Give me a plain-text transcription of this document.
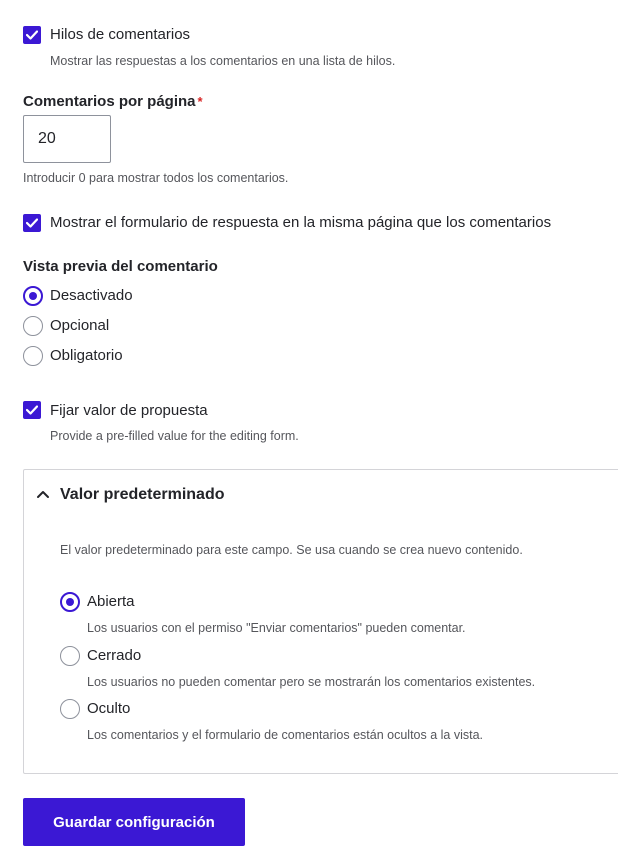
Hilos de comentarios
Mostrar las respuestas a los comentarios en una lista de hilos.
Comentarios por página *
20
Introducir 0 para mostrar todos los comentarios.
Mostrar el formulario de respuesta en la misma página que los comentarios
Vista previa del comentario
Desactivado
Opcional
Obligatorio
Fijar valor de propuesta
Provide a pre-filled value for the editing form.
Valor predeterminado
El valor predeterminado para este campo. Se usa cuando se crea nuevo contenido.
Abierta
Los usuarios con el permiso "Enviar comentarios" pueden comentar.
Cerrado
Los usuarios no pueden comentar pero se mostrarán los comentarios existentes.
Oculto
Los comentarios y el formulario de comentarios están ocultos a la vista.
Guardar configuración
